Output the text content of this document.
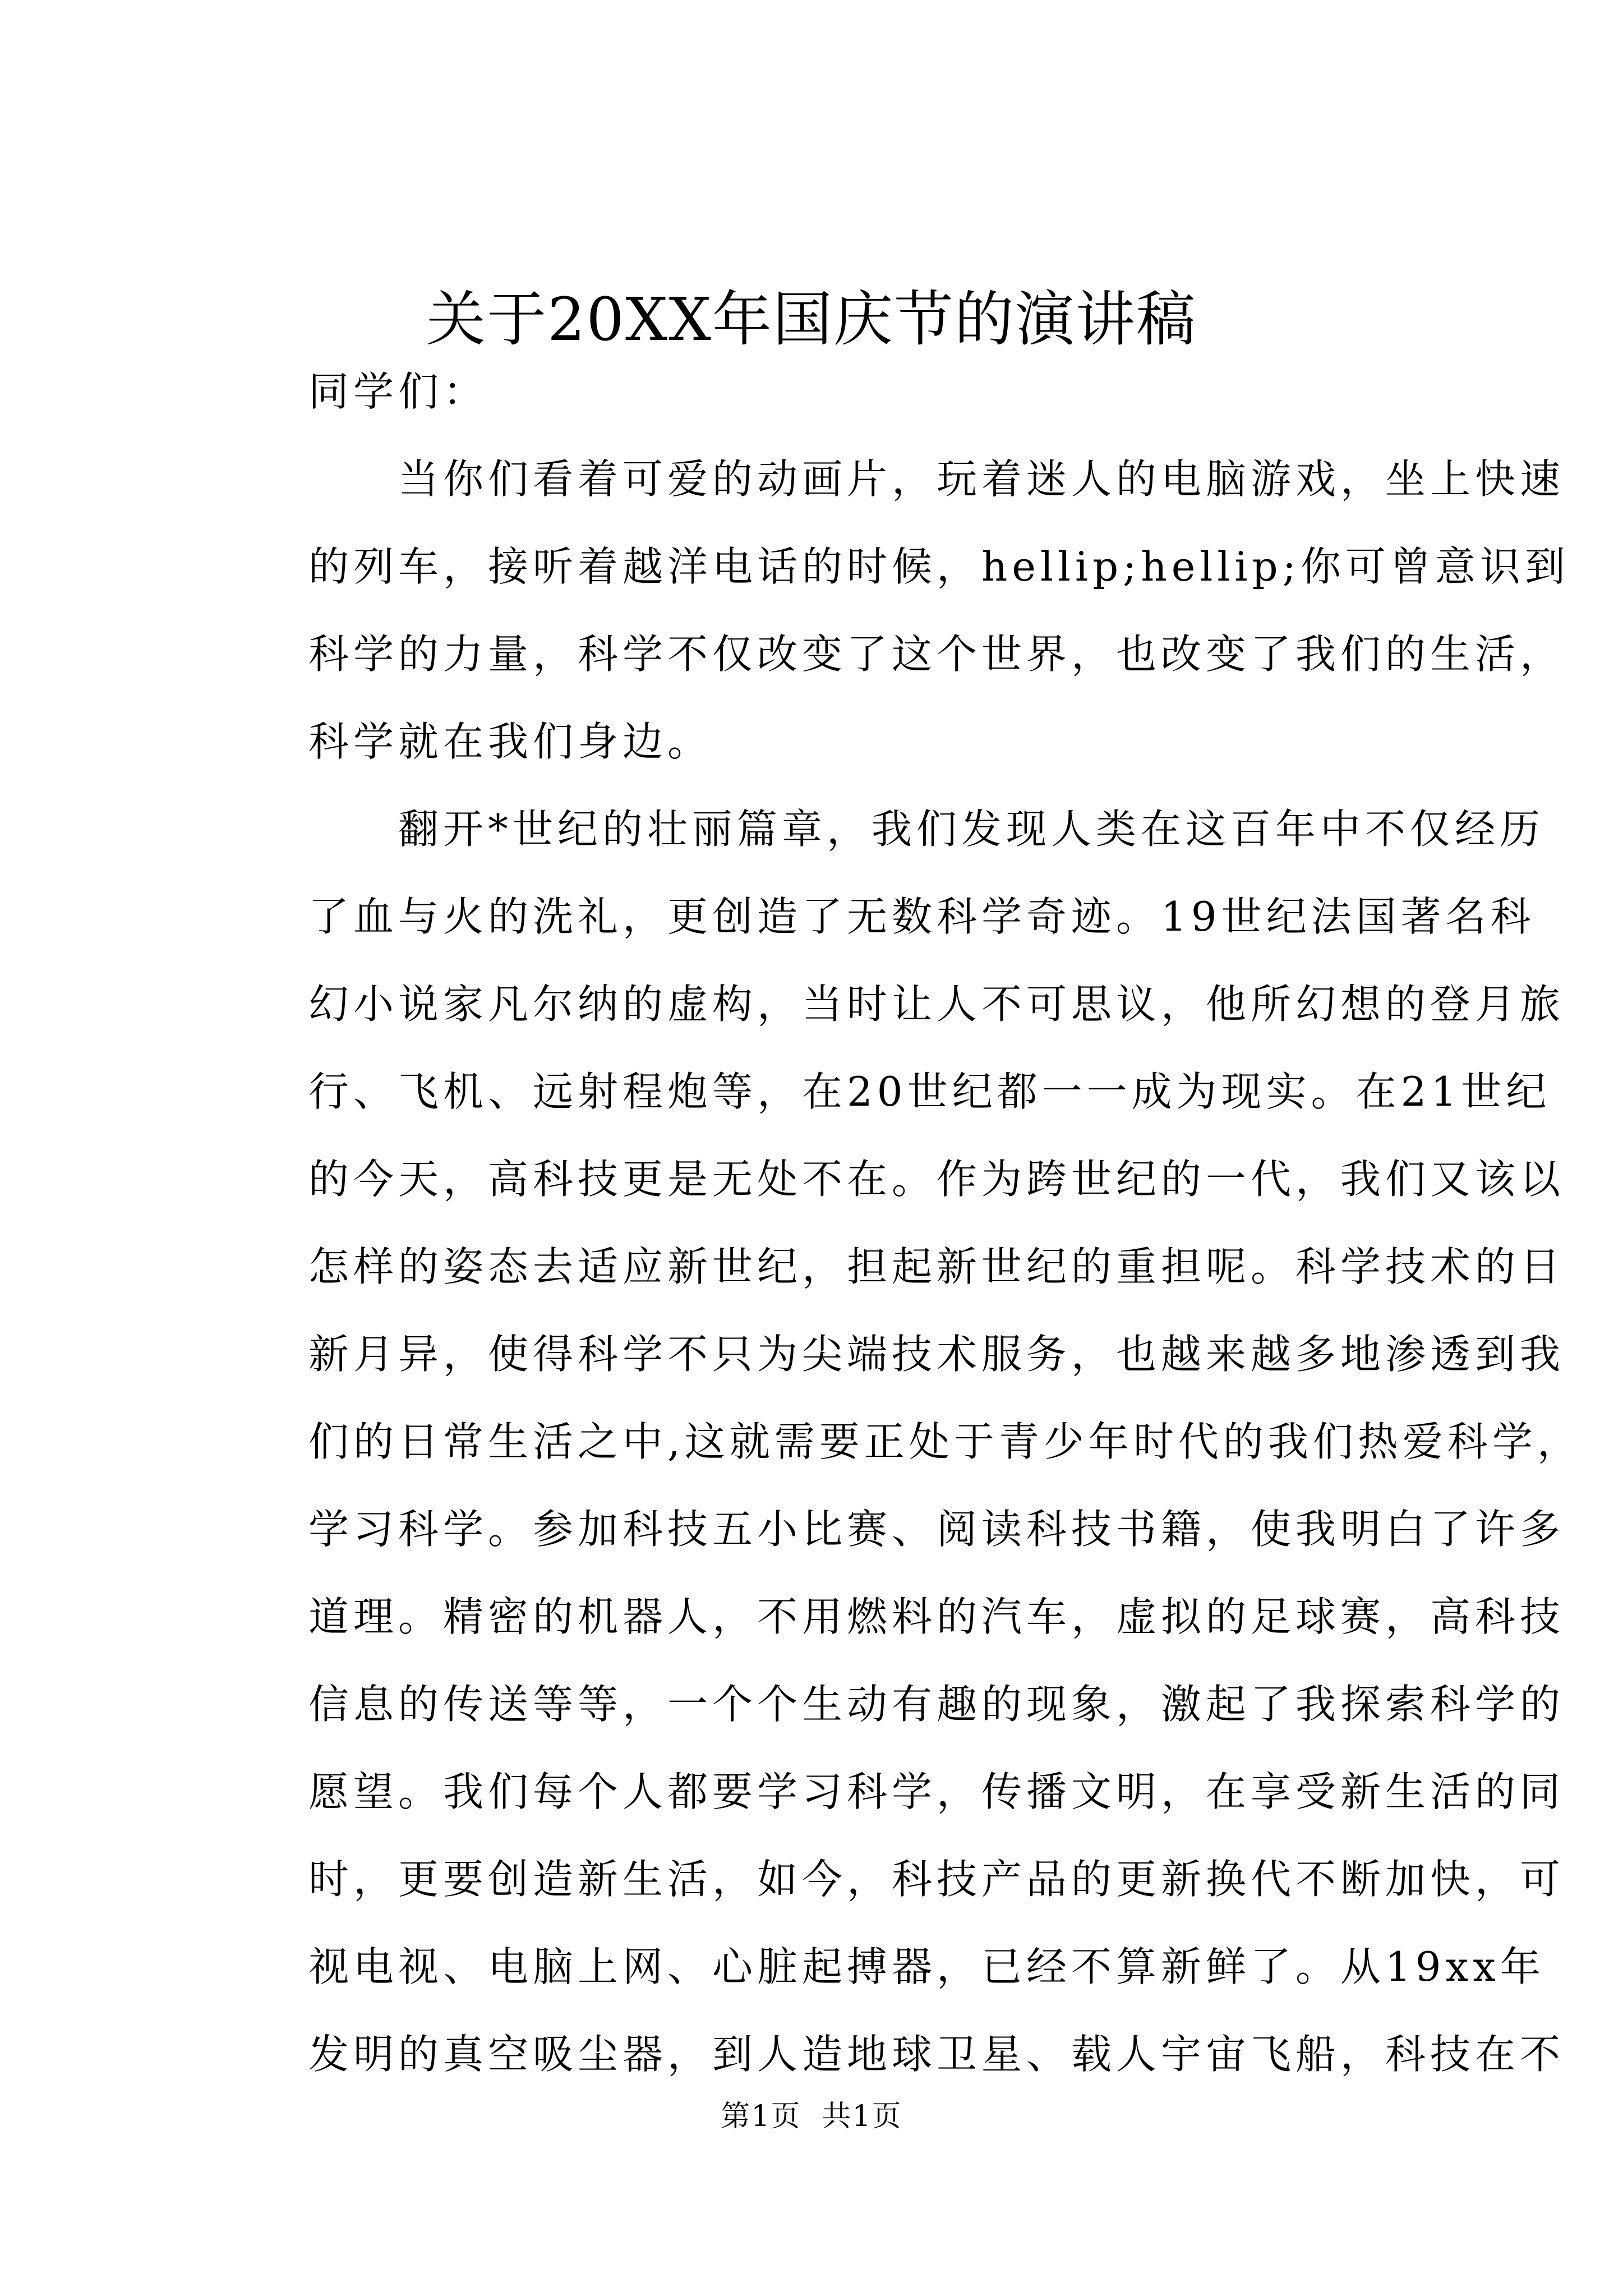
关于20XX年国庆节的演讲稿

同学们：

当你们看着可爱的动画片，玩着迷人的电脑游戏，坐上快速
的列车，接听着越洋电话的时候，hellip;hellip;你可曾意识到
科学的力量，科学不仅改变了这个世界，也改变了我们的生活，
科学就在我们身边。

翻开*世纪的壮丽篇章，我们发现人类在这百年中不仅经历
了血与火的洗礼，更创造了无数科学奇迹。19世纪法国著名科
幻小说家凡尔纳的虚构，当时让人不可思议，他所幻想的登月旅
行、飞机、远射程炮等，在20世纪都一一成为现实。在21世纪
的今天，高科技更是无处不在。作为跨世纪的一代，我们又该以
怎样的姿态去适应新世纪，担起新世纪的重担呢。科学技术的日
新月异，使得科学不只为尖端技术服务，也越来越多地渗透到我
们的日常生活之中,这就需要正处于青少年时代的我们热爱科学，
学习科学。参加科技五小比赛、阅读科技书籍，使我明白了许多
道理。精密的机器人，不用燃料的汽车，虚拟的足球赛，高科技
信息的传送等等，一个个生动有趣的现象，激起了我探索科学的
愿望。我们每个人都要学习科学，传播文明，在享受新生活的同
时，更要创造新生活，如今，科技产品的更新换代不断加快，可
视电视、电脑上网、心脏起搏器，已经不算新鲜了。从19xx年
发明的真空吸尘器，到人造地球卫星、载人宇宙飞船，科技在不

第1页  共1页
